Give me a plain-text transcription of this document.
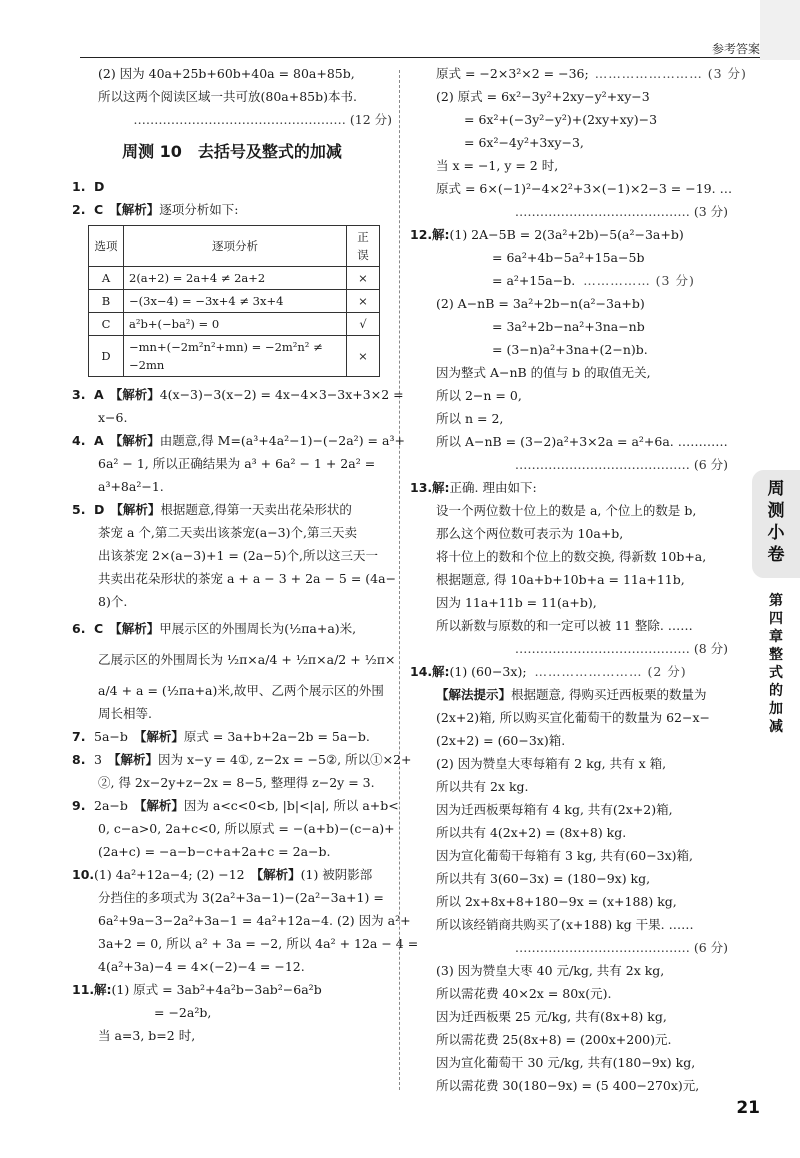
参考答案
(2) 因为 40a+25b+60b+40a = 80a+85b,
所以这两个阅读区域一共可放(80a+85b)本书.
…………………………………………… (12 分)
周测 10　去括号及整式的加减
1. D
2. C 【解析】逐项分析如下:
选项	逐项分析	正误
A	2(a+2) = 2a+4 ≠ 2a+2	×
B	−(3x−4) = −3x+4 ≠ 3x+4	×
C	a²b+(−ba²) = 0	√
D	−mn+(−2m²n²+mn) = −2m²n² ≠ −2mn	×
3. A 【解析】4(x−3)−3(x−2) = 4x−4×3−3x+3×2 =
x−6.
4. A 【解析】由题意,得 M=(a³+4a²−1)−(−2a²) = a³+
6a² − 1, 所以正确结果为 a³ + 6a² − 1 + 2a² =
a³+8a²−1.
5. D 【解析】根据题意,得第一天卖出花朵形状的
茶宠 a 个,第二天卖出该茶宠(a−3)个,第三天卖
出该茶宠 2×(a−3)+1 = (2a−5)个,所以这三天一
共卖出花朵形状的茶宠 a + a − 3 + 2a − 5 = (4a−
8)个.
6. C 【解析】甲展示区的外围周长为(½πa+a)米,
乙展示区的外围周长为 ½π×a/4 + ½π×a/2 + ½π×
a/4 + a = (½πa+a)米,故甲、乙两个展示区的外围
周长相等.
7. 5a−b 【解析】原式 = 3a+b+2a−2b = 5a−b.
8. 3 【解析】因为 x−y = 4①, z−2x = −5②, 所以①×2+
②, 得 2x−2y+z−2x = 8−5, 整理得 z−2y = 3.
9. 2a−b 【解析】因为 a<c<0<b, |b|<|a|, 所以 a+b<
0, c−a>0, 2a+c<0, 所以原式 = −(a+b)−(c−a)+
(2a+c) = −a−b−c+a+2a+c = 2a−b.
10.(1) 4a²+12a−4; (2) −12 【解析】(1) 被阴影部
分挡住的多项式为 3(2a²+3a−1)−(2a²−3a+1) =
6a²+9a−3−2a²+3a−1 = 4a²+12a−4. (2) 因为 a²+
3a+2 = 0, 所以 a² + 3a = −2, 所以 4a² + 12a − 4 =
4(a²+3a)−4 = 4×(−2)−4 = −12.
11.解:(1) 原式 = 3ab²+4a²b−3ab²−6a²b
= −2a²b,
当 a=3, b=2 时,
原式 = −2×3²×2 = −36; …………………… (3 分)
(2) 原式 = 6x²−3y²+2xy−y²+xy−3
= 6x²+(−3y²−y²)+(2xy+xy)−3
= 6x²−4y²+3xy−3,
当 x = −1, y = 2 时,
原式 = 6×(−1)²−4×2²+3×(−1)×2−3 = −19. …
…………………………………… (3 分)
12.解:(1) 2A−5B = 2(3a²+2b)−5(a²−3a+b)
= 6a²+4b−5a²+15a−5b
= a²+15a−b. …………… (3 分)
(2) A−nB = 3a²+2b−n(a²−3a+b)
= 3a²+2b−na²+3na−nb
= (3−n)a²+3na+(2−n)b.
因为整式 A−nB 的值与 b 的取值无关,
所以 2−n = 0,
所以 n = 2,
所以 A−nB = (3−2)a²+3×2a = a²+6a. …………
…………………………………… (6 分)
13.解:正确. 理由如下:
设一个两位数十位上的数是 a, 个位上的数是 b,
那么这个两位数可表示为 10a+b,
将十位上的数和个位上的数交换, 得新数 10b+a,
根据题意, 得 10a+b+10b+a = 11a+11b,
因为 11a+11b = 11(a+b),
所以新数与原数的和一定可以被 11 整除. ……
…………………………………… (8 分)
14.解:(1) (60−3x); …………………… (2 分)
【解法提示】根据题意, 得购买迁西板栗的数量为
(2x+2)箱, 所以购买宣化葡萄干的数量为 62−x−
(2x+2) = (60−3x)箱.
(2) 因为赞皇大枣每箱有 2 kg, 共有 x 箱,
所以共有 2x kg.
因为迁西板栗每箱有 4 kg, 共有(2x+2)箱,
所以共有 4(2x+2) = (8x+8) kg.
因为宣化葡萄干每箱有 3 kg, 共有(60−3x)箱,
所以共有 3(60−3x) = (180−9x) kg,
所以 2x+8x+8+180−9x = (x+188) kg,
所以该经销商共购买了(x+188) kg 干果. ……
…………………………………… (6 分)
(3) 因为赞皇大枣 40 元/kg, 共有 2x kg,
所以需花费 40×2x = 80x(元).
因为迁西板栗 25 元/kg, 共有(8x+8) kg,
所以需花费 25(8x+8) = (200x+200)元.
因为宣化葡萄干 30 元/kg, 共有(180−9x) kg,
所以需花费 30(180−9x) = (5 400−270x)元,
周测小卷
第四章　整式的加减
21
